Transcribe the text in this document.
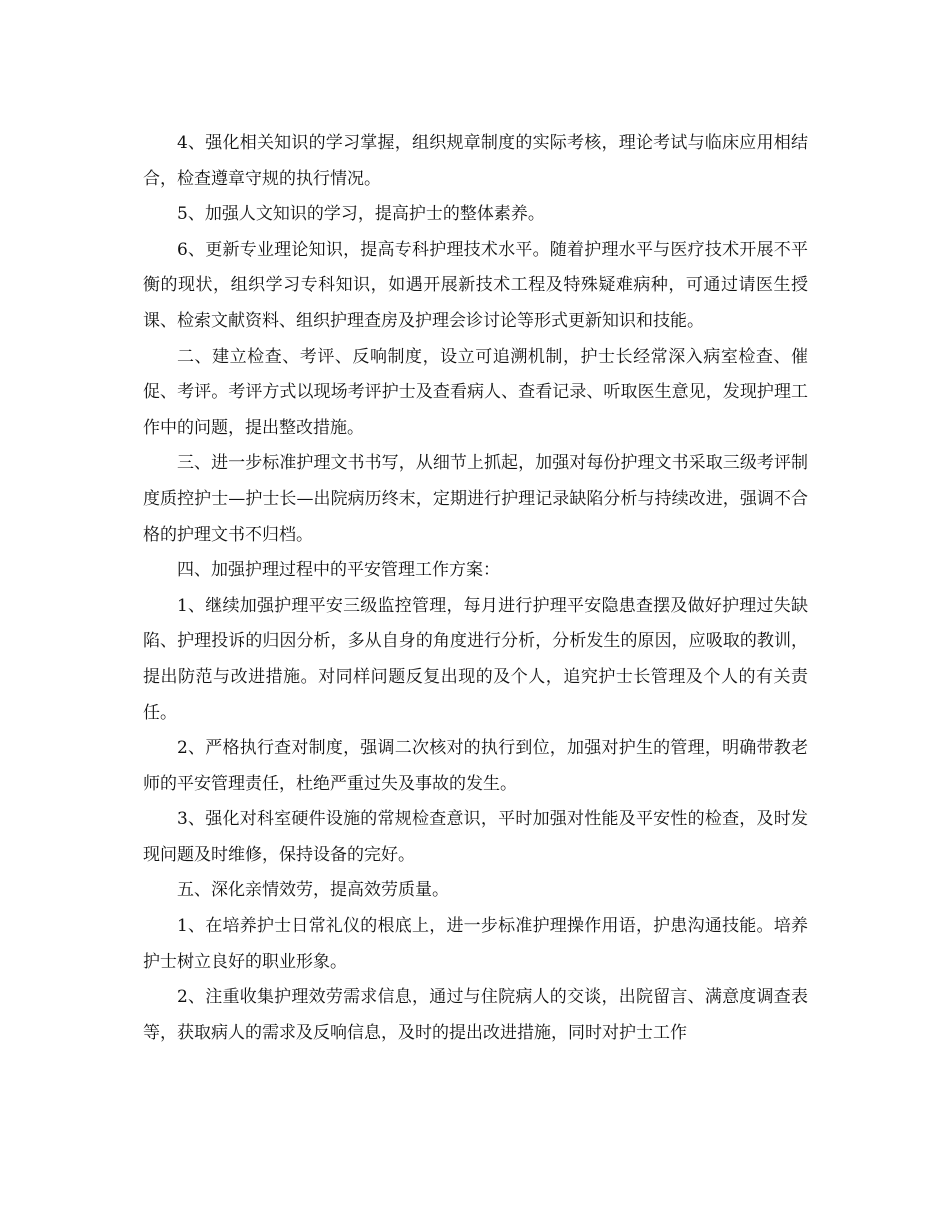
4、强化相关知识的学习掌握，组织规章制度的实际考核，理论考试与临床应用相结合，检查遵章守规的执行情况。

5、加强人文知识的学习，提高护士的整体素养。

6、更新专业理论知识，提高专科护理技术水平。随着护理水平与医疗技术开展不平衡的现状，组织学习专科知识，如遇开展新技术工程及特殊疑难病种，可通过请医生授课、检索文献资料、组织护理查房及护理会诊讨论等形式更新知识和技能。

二、建立检查、考评、反响制度，设立可追溯机制，护士长经常深入病室检查、催促、考评。考评方式以现场考评护士及查看病人、查看记录、听取医生意见，发现护理工作中的问题，提出整改措施。

三、进一步标准护理文书书写，从细节上抓起，加强对每份护理文书采取三级考评制度质控护士—护士长—出院病历终末，定期进行护理记录缺陷分析与持续改进，强调不合格的护理文书不归档。

四、加强护理过程中的平安管理工作方案：

1、继续加强护理平安三级监控管理，每月进行护理平安隐患查摆及做好护理过失缺陷、护理投诉的归因分析，多从自身的角度进行分析，分析发生的原因，应吸取的教训，提出防范与改进措施。对同样问题反复出现的及个人，追究护士长管理及个人的有关责任。

2、严格执行查对制度，强调二次核对的执行到位，加强对护生的管理，明确带教老师的平安管理责任，杜绝严重过失及事故的发生。

3、强化对科室硬件设施的常规检查意识，平时加强对性能及平安性的检查，及时发现问题及时维修，保持设备的完好。

五、深化亲情效劳，提高效劳质量。

1、在培养护士日常礼仪的根底上，进一步标准护理操作用语，护患沟通技能。培养护士树立良好的职业形象。

2、注重收集护理效劳需求信息，通过与住院病人的交谈，出院留言、满意度调查表等，获取病人的需求及反响信息，及时的提出改进措施，同时对护士工作
